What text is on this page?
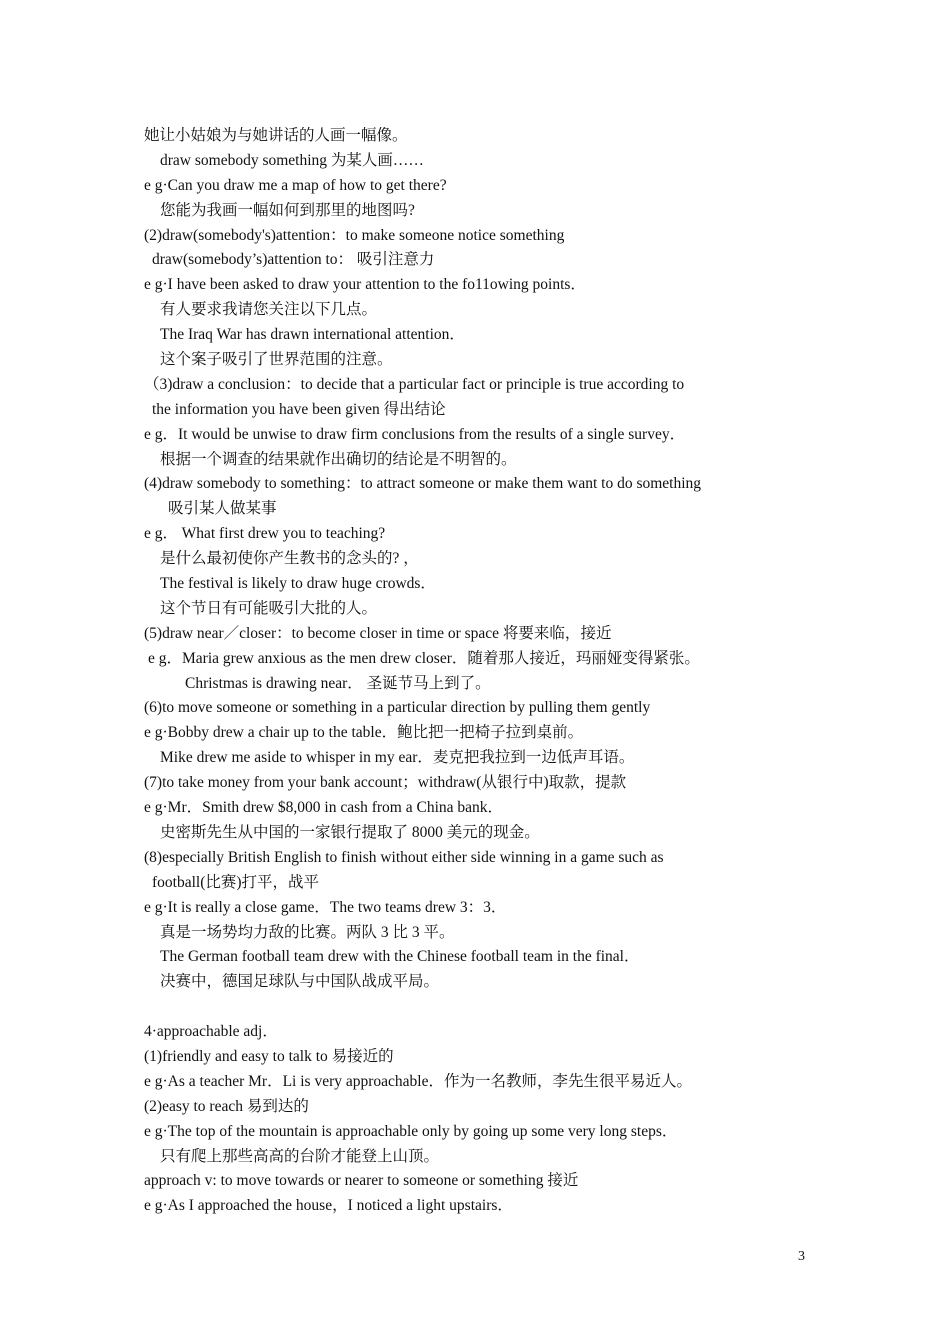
她让小姑娘为与她讲话的人画一幅像。
draw somebody something 为某人画……
e g·Can you draw me a map of how to get there?
您能为我画一幅如何到那里的地图吗?
(2)draw(somebody's)attention：to make someone notice something
draw(somebody’s)attention to： 吸引注意力
e g·I have been asked to draw your attention to the fo11owing points．
有人要求我请您关注以下几点。
The Iraq War has drawn international attention．
这个案子吸引了世界范围的注意。
（3)draw a conclusion：to decide that a particular fact or principle is true according to
the information you have been given 得出结论
e g．It would be unwise to draw firm conclusions from the results of a single survey．
根据一个调查的结果就作出确切的结论是不明智的。
(4)draw somebody to something：to attract someone or make them want to do something
吸引某人做某事
e g． What first drew you to teaching?
是什么最初使你产生教书的念头的? ，
The festival is likely to draw huge crowds．
这个节日有可能吸引大批的人。
(5)draw near／closer：to become closer in time or space 将要来临，接近
e g．Maria grew anxious as the men drew closer．随着那人接近，玛丽娅变得紧张。
Christmas is drawing near． 圣诞节马上到了。
(6)to move someone or something in a particular direction by pulling them gently
e g·Bobby drew a chair up to the table．鲍比把一把椅子拉到桌前。
Mike drew me aside to whisper in my ear．麦克把我拉到一边低声耳语。
(7)to take money from your bank account；withdraw(从银行中)取款，提款
e g·Mr．Smith drew $8,000 in cash from a China bank．
史密斯先生从中国的一家银行提取了 8000 美元的现金。
(8)especially British English to finish without either side winning in a game such as
football(比赛)打平，战平
e g·It is really a close game．The two teams drew 3：3．
真是一场势均力敌的比赛。两队 3 比 3 平。
The German football team drew with the Chinese football team in the final．
决赛中，德国足球队与中国队战成平局。
4·approachable adj．
(1)friendly and easy to talk to 易接近的
e g·As a teacher Mr．Li is very approachable．作为一名教师，李先生很平易近人。
(2)easy to reach 易到达的
e g·The top of the mountain is approachable only by going up some very long steps．
只有爬上那些高高的台阶才能登上山顶。
approach v: to move towards or nearer to someone or something 接近
e g·As I approached the house，I noticed a light upstairs．
3
